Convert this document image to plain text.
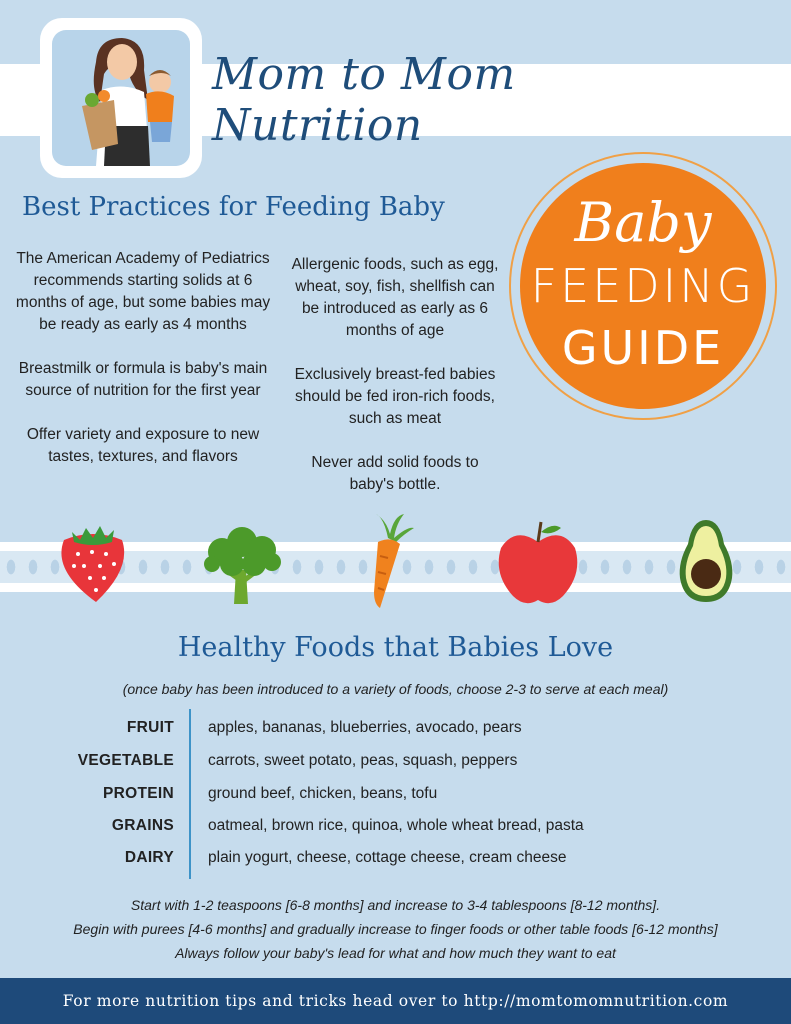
Mom to Mom Nutrition
Best Practices for Feeding Baby

The American Academy of Pediatrics recommends starting solids at 6 months of age, but some babies may be ready as early as 4 months

Breastmilk or formula is baby's main source of nutrition for the first year

Offer variety and exposure to new tastes, textures, and flavors

Allergenic foods, such as egg, wheat, soy, fish, shellfish can be introduced as early as 6 months of age

Exclusively breast-fed babies should be fed iron-rich foods, such as meat

Never add solid foods to baby's bottle.

Baby
FEEDING
GUIDE
Healthy Foods that Babies Love
(once baby has been introduced to a variety of foods, choose 2-3 to serve at each meal)
FRUIT apples, bananas, blueberries, avocado, pears
VEGETABLE carrots, sweet potato, peas, squash, peppers
PROTEIN ground beef, chicken, beans, tofu
GRAINS oatmeal, brown rice, quinoa, whole wheat bread, pasta
DAIRY plain yogurt, cheese, cottage cheese, cream cheese
Start with 1-2 teaspoons [6-8 months] and increase to 3-4 tablespoons [8-12 months].
Begin with purees [4-6 months] and gradually increase to finger foods or other table foods [6-12 months]
Always follow your baby's lead for what and how much they want to eat
For more nutrition tips and tricks head over to http://momtomomnutrition.com
